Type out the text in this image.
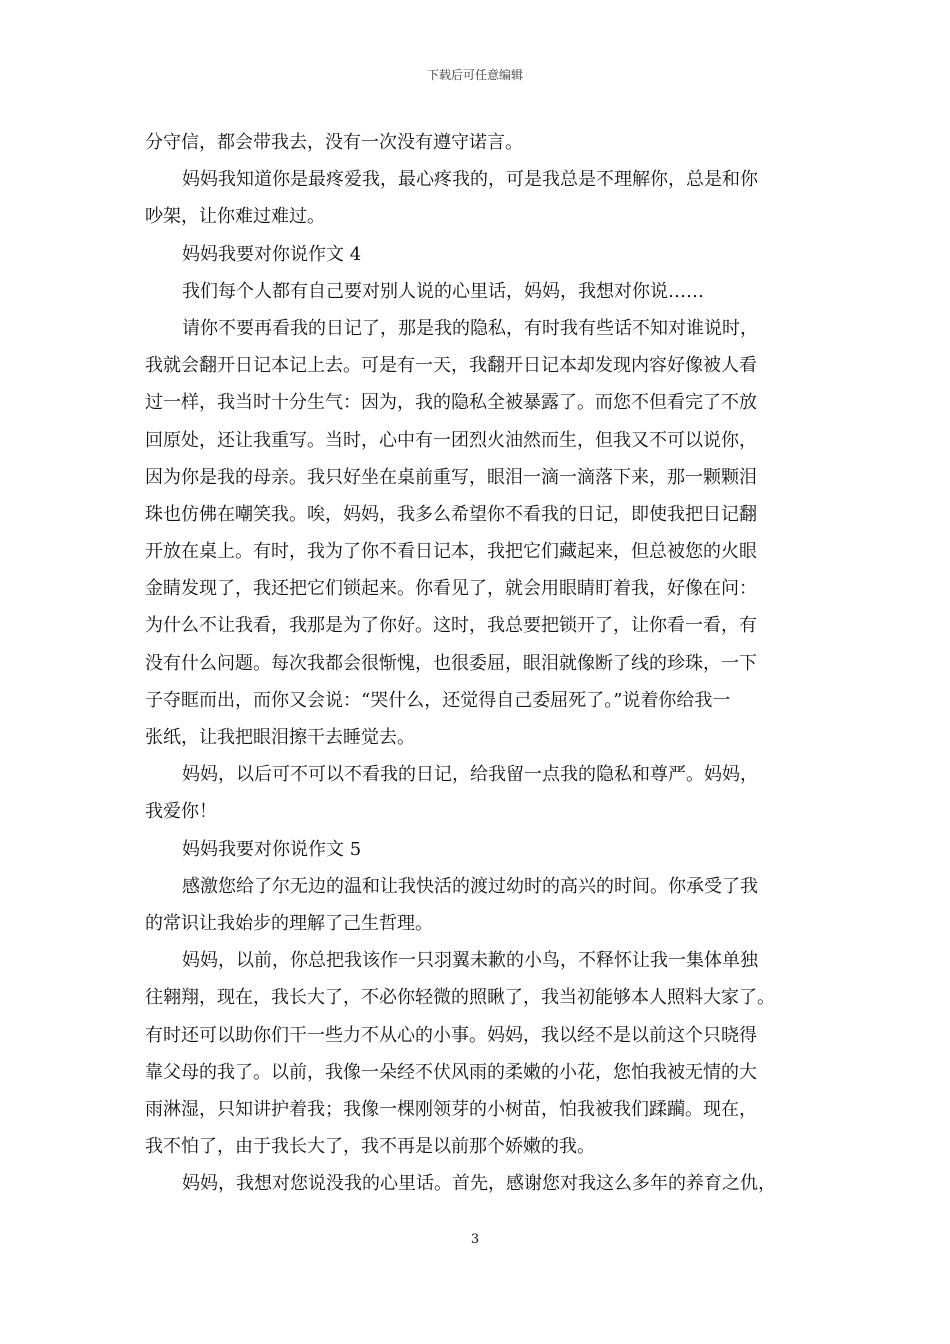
下载后可任意编辑
分守信，都会带我去，没有一次没有遵守诺言。
妈妈我知道你是最疼爱我，最心疼我的，可是我总是不理解你，总是和你
吵架，让你难过难过。
妈妈我要对你说作文 4
我们每个人都有自己要对别人说的心里话，妈妈，我想对你说……
请你不要再看我的日记了，那是我的隐私，有时我有些话不知对谁说时，
我就会翻开日记本记上去。可是有一天，我翻开日记本却发现内容好像被人看
过一样，我当时十分生气：因为，我的隐私全被暴露了。而您不但看完了不放
回原处，还让我重写。当时，心中有一团烈火油然而生，但我又不可以说你，
因为你是我的母亲。我只好坐在桌前重写，眼泪一滴一滴落下来，那一颗颗泪
珠也仿佛在嘲笑我。唉，妈妈，我多么希望你不看我的日记，即使我把日记翻
开放在桌上。有时，我为了你不看日记本，我把它们藏起来，但总被您的火眼
金睛发现了，我还把它们锁起来。你看见了，就会用眼睛盯着我，好像在问：
为什么不让我看，我那是为了你好。这时，我总要把锁开了，让你看一看，有
没有什么问题。每次我都会很惭愧，也很委屈，眼泪就像断了线的珍珠，一下
子夺眶而出，而你又会说：“哭什么，还觉得自己委屈死了。”说着你给我一
张纸，让我把眼泪擦干去睡觉去。
妈妈，以后可不可以不看我的日记，给我留一点我的隐私和尊严。妈妈，
我爱你！
妈妈我要对你说作文 5
感激您给了尔无边的温和让我快活的渡过幼时的高兴的时间。你承受了我
的常识让我始步的理解了己生哲理。
妈妈，以前，你总把我该作一只羽翼未歉的小鸟，不释怀让我一集体单独
往翱翔，现在，我长大了，不必你轻微的照瞅了，我当初能够本人照料大家了。
有时还可以助你们干一些力不从心的小事。妈妈，我以经不是以前这个只晓得
靠父母的我了。以前，我像一朵经不伏风雨的柔嫩的小花，您怕我被无情的大
雨淋湿，只知讲护着我；我像一棵刚领芽的小树苗，怕我被我们蹂躏。现在，
我不怕了，由于我长大了，我不再是以前那个娇嫩的我。
妈妈，我想对您说没我的心里话。首先，感谢您对我这么多年的养育之仇，
3
